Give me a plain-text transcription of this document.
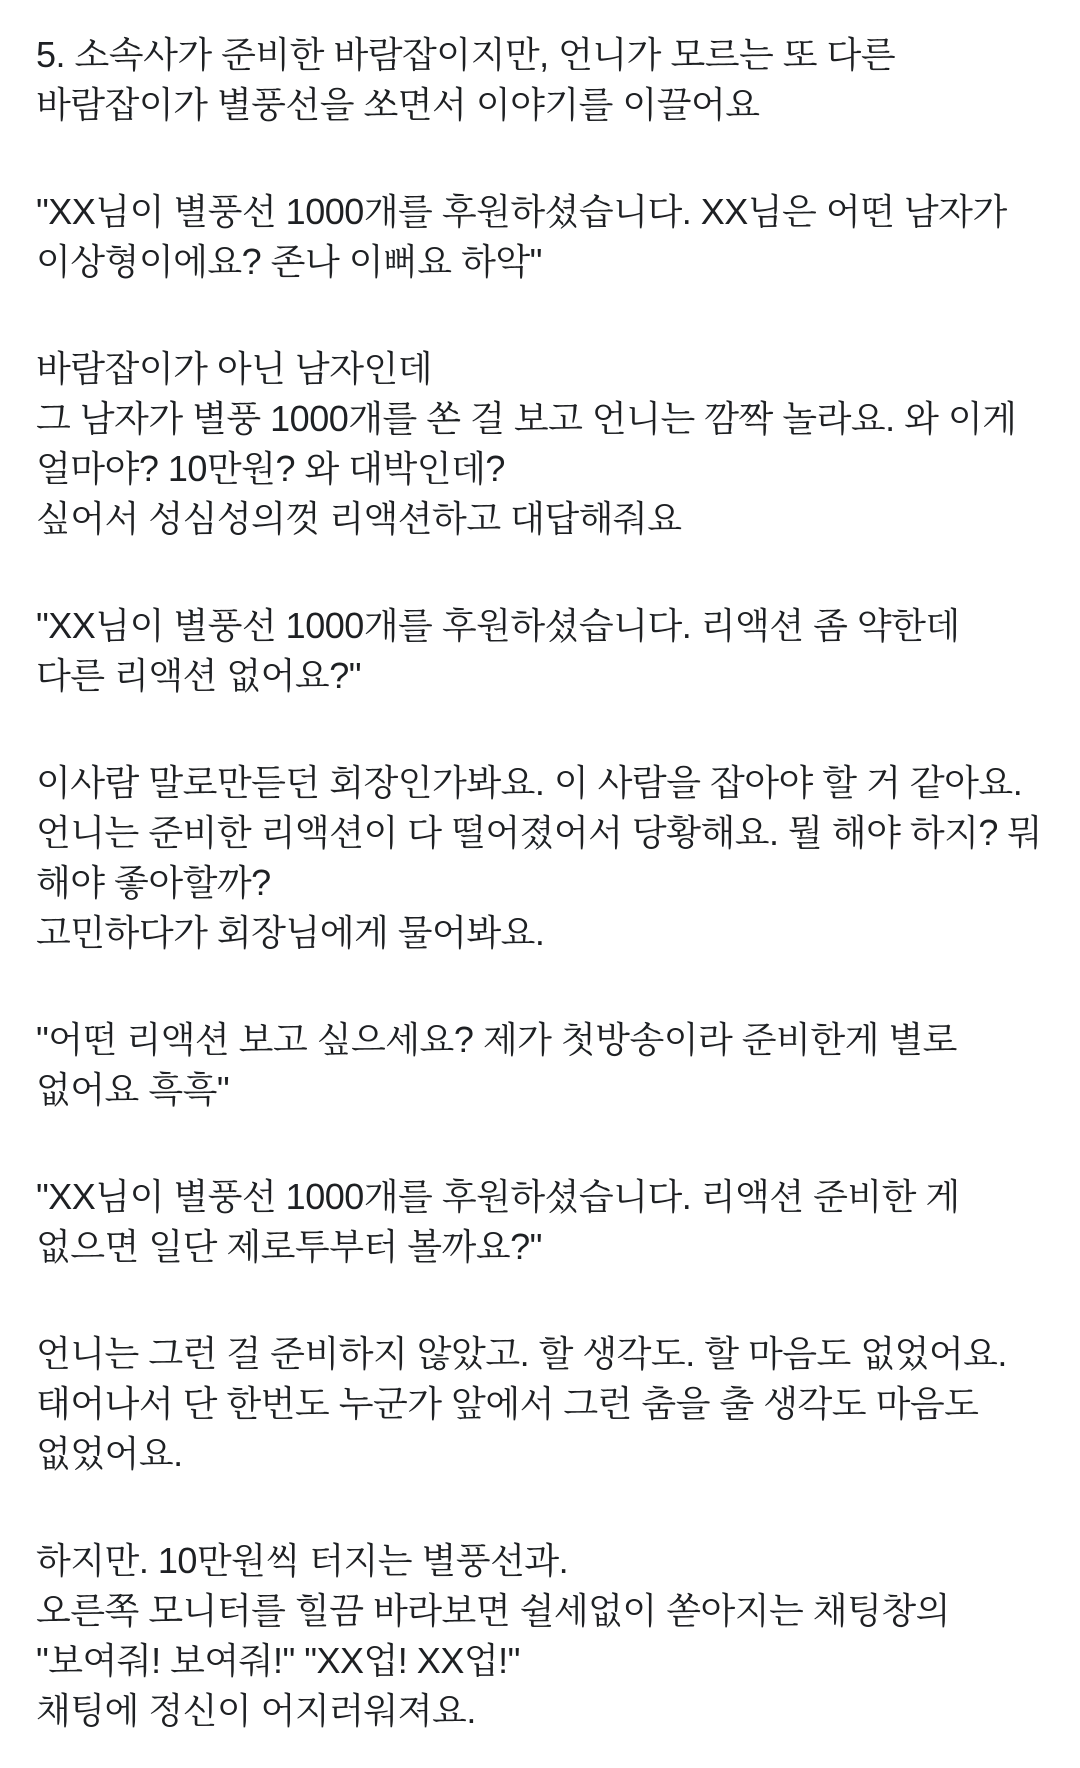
5. 소속사가 준비한 바람잡이지만, 언니가 모르는 또 다른
바람잡이가 별풍선을 쏘면서 이야기를 이끌어요
"XX님이 별풍선 1000개를 후원하셨습니다. XX님은 어떤 남자가
이상형이에요? 존나 이뻐요 하악"
바람잡이가 아닌 남자인데
그 남자가 별풍 1000개를 쏜 걸 보고 언니는 깜짝 놀라요. 와 이게
얼마야? 10만원? 와 대박인데?
싶어서 성심성의껏 리액션하고 대답해줘요
"XX님이 별풍선 1000개를 후원하셨습니다. 리액션 좀 약한데
다른 리액션 없어요?"
이사람 말로만듣던 회장인가봐요. 이 사람을 잡아야 할 거 같아요.
언니는 준비한 리액션이 다 떨어졌어서 당황해요. 뭘 해야 하지? 뭐
해야 좋아할까?
고민하다가 회장님에게 물어봐요.
"어떤 리액션 보고 싶으세요? 제가 첫방송이라 준비한게 별로
없어요 흑흑"
"XX님이 별풍선 1000개를 후원하셨습니다. 리액션 준비한 게
없으면 일단 제로투부터 볼까요?"
언니는 그런 걸 준비하지 않았고. 할 생각도. 할 마음도 없었어요.
태어나서 단 한번도 누군가 앞에서 그런 춤을 출 생각도 마음도
없었어요.
하지만. 10만원씩 터지는 별풍선과.
오른쪽 모니터를 힐끔 바라보면 쉴세없이 쏟아지는 채팅창의
"보여줘! 보여줘!" "XX업! XX업!"
채팅에 정신이 어지러워져요.
